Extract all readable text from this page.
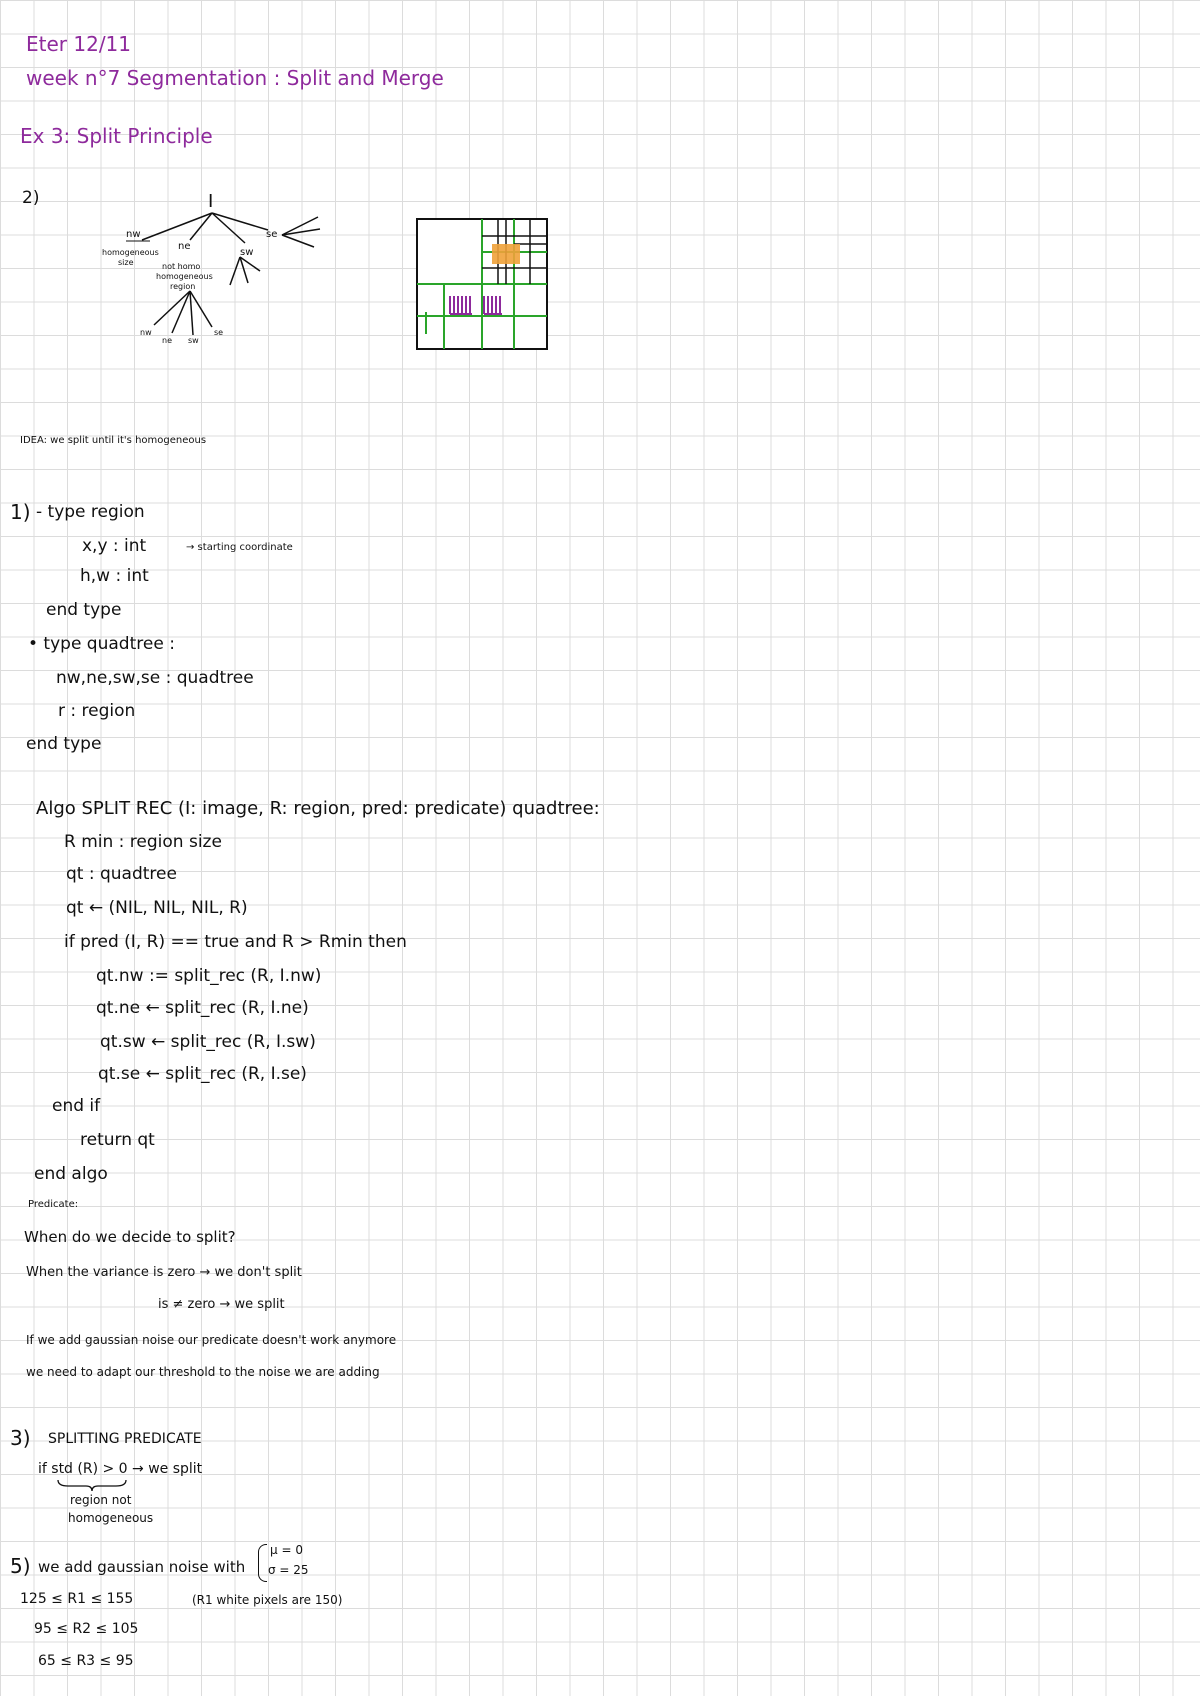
Eter 12/11
week n°7 Segmentation : Split and Merge
Ex 3: Split Principle
2)	I
nw
homogeneous
size
ne
not homo
homogeneous
region
sw
se
nw
ne sw
se
IDEA: we split until it's homogeneous
1) - type region
x,y : int	→ starting coordinate
h,w : int
end type
• type quadtree :
nw,ne,sw,se : quadtree
r : region
end type
Algo SPLIT REC (I: image, R: region, pred: predicate) quadtree:
R min : region size
qt : quadtree
qt ← (NIL, NIL, NIL, R)
if pred (I, R) == true and R > Rmin then
qt.nw := split_rec (R, I.nw)
qt.ne ← split_rec (R, I.ne)
qt.sw ← split_rec (R, I.sw)
qt.se ← split_rec (R, I.se)
end if
return qt
end algo
Predicate:
When do we decide to split?
When the variance is zero → we don't split
is ≠ zero → we split
If we add gaussian noise our predicate doesn't work anymore
we need to adapt our threshold to the noise we are adding
3) SPLITTING PREDICATE
if std (R) > 0 → we split
region not
homogeneous
5) we add gaussian noise with
μ = 0
σ = 25
125 ≤ R1 ≤ 155	(R1 white pixels are 150)
95 ≤ R2 ≤ 105
65 ≤ R3 ≤ 95
